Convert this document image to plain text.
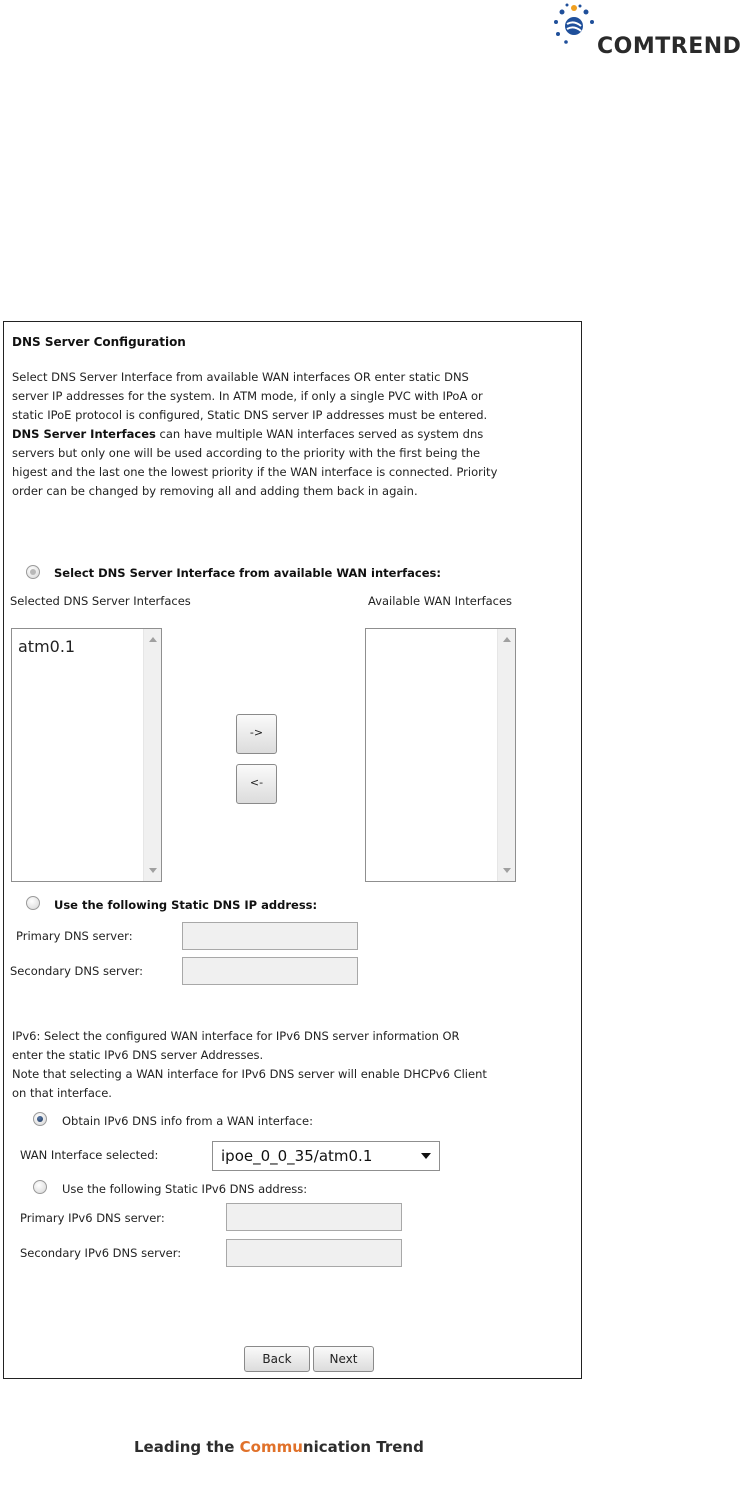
COMTREND
DNS Server Configuration
Select DNS Server Interface from available WAN interfaces OR enter static DNS
server IP addresses for the system. In ATM mode, if only a single PVC with IPoA or
static IPoE protocol is configured, Static DNS server IP addresses must be entered.
DNS Server Interfaces can have multiple WAN interfaces served as system dns
servers but only one will be used according to the priority with the first being the
higest and the last one the lowest priority if the WAN interface is connected. Priority
order can be changed by removing all and adding them back in again.
Select DNS Server Interface from available WAN interfaces:
Selected DNS Server Interfaces	Available WAN Interfaces
atm0.1
->
<-
Use the following Static DNS IP address:
Primary DNS server:
Secondary DNS server:
IPv6: Select the configured WAN interface for IPv6 DNS server information OR
enter the static IPv6 DNS server Addresses.
Note that selecting a WAN interface for IPv6 DNS server will enable DHCPv6 Client
on that interface.
Obtain IPv6 DNS info from a WAN interface:
WAN Interface selected:	ipoe_0_0_35/atm0.1
Use the following Static IPv6 DNS address:
Primary IPv6 DNS server:
Secondary IPv6 DNS server:
Back	Next
Leading the Communication Trend
